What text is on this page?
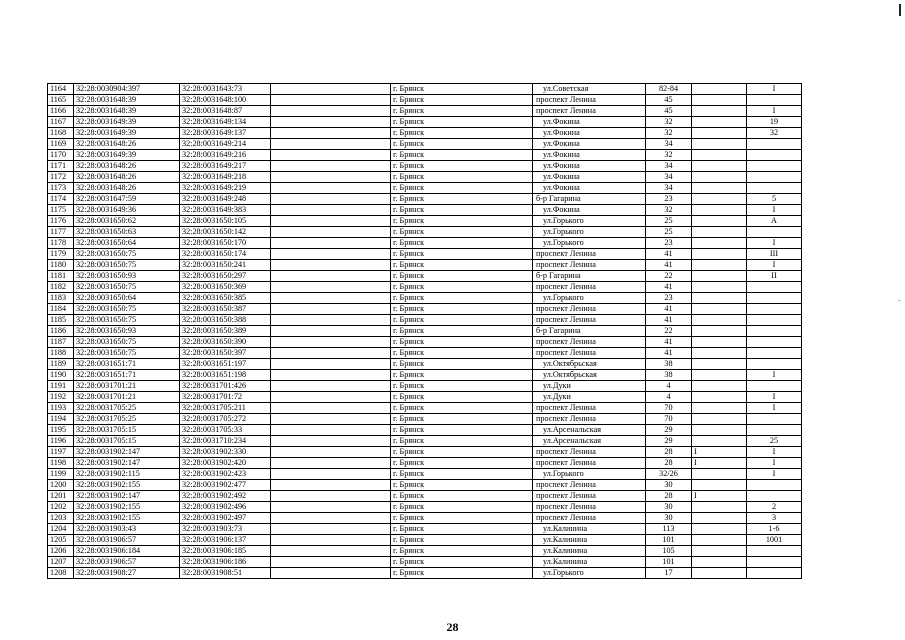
1164	32:28:0030904:397	32:28:0031643:73		г. Брянск	ул.Советская	82-84		I
1165	32:28:0031648:39	32:28:0031648:100		г. Брянск	проспект Ленина	45		
1166	32:28:0031648:39	32:28:0031648:87		г. Брянск	проспект Ленина	45		I
1167	32:28:0031649:39	32:28:0031649:134		г. Брянск	ул.Фокина	32		19
1168	32:28:0031649:39	32:28:0031649:137		г. Брянск	ул.Фокина	32		32
1169	32:28:0031648:26	32:28:0031649:214		г. Брянск	ул.Фокина	34		
1170	32:28:0031649:39	32:28:0031649:216		г. Брянск	ул.Фокина	32		
1171	32:28:0031648:26	32:28:0031649:217		г. Брянск	ул.Фокина	34		
1172	32:28:0031648:26	32:28:0031649:218		г. Брянск	ул.Фокина	34		
1173	32:28:0031648:26	32:28:0031649:219		г. Брянск	ул.Фокина	34		
1174	32:28:0031647:59	32:28:0031649:248		г. Брянск	б-р Гагарина	23		5
1175	32:28:0031649:36	32:28:0031649:383		г. Брянск	ул.Фокина	32		I
1176	32:28:0031650:62	32:28:0031650:105		г. Брянск	ул.Горького	25		A
1177	32:28:0031650:63	32:28:0031650:142		г. Брянск	ул.Горького	25		
1178	32:28:0031650:64	32:28:0031650:170		г. Брянск	ул.Горького	23		I
1179	32:28:0031650:75	32:28:0031650:174		г. Брянск	проспект Ленина	41		III
1180	32:28:0031650:75	32:28:0031650:241		г. Брянск	проспект Ленина	41		I
1181	32:28:0031650:93	32:28:0031650:297		г. Брянск	б-р Гагарина	22		II
1182	32:28:0031650:75	32:28:0031650:369		г. Брянск	проспект Ленина	41		
1183	32:28:0031650:64	32:28:0031650:385		г. Брянск	ул.Горького	23		
1184	32:28:0031650:75	32:28:0031650:387		г. Брянск	проспект Ленина	41		
1185	32:28:0031650:75	32:28:0031650:388		г. Брянск	проспект Ленина	41		
1186	32:28:0031650:93	32:28:0031650:389		г. Брянск	б-р Гагарина	22		
1187	32:28:0031650:75	32:28:0031650:390		г. Брянск	проспект Ленина	41		
1188	32:28:0031650:75	32:28:0031650:397		г. Брянск	проспект Ленина	41		
1189	32:28:0031651:71	32:28:0031651:197		г. Брянск	ул.Октябрьская	38		
1190	32:28:0031651:71	32:28:0031651:198		г. Брянск	ул.Октябрьская	38		I
1191	32:28:0031701:21	32:28:0031701:426		г. Брянск	ул.Дуки	4		
1192	32:28:0031701:21	32:28:0031701:72		г. Брянск	ул.Дуки	4		I
1193	32:28:0031705:25	32:28:0031705:211		г. Брянск	проспект Ленина	70		I
1194	32:28:0031705:25	32:28:0031705:272		г. Брянск	проспект Ленина	70		
1195	32:28:0031705:15	32:28:0031705:33		г. Брянск	ул.Арсенальская	29		
1196	32:28:0031705:15	32:28:0031710:234		г. Брянск	ул.Арсенальская	29		25
1197	32:28:0031902:147	32:28:0031902:330		г. Брянск	проспект Ленина	28	I	I
1198	32:28:0031902:147	32:28:0031902:420		г. Брянск	проспект Ленина	28	I	I
1199	32:28:0031902:115	32:28:0031902:423		г. Брянск	ул.Горького	32/26		I
1200	32:28:0031902:155	32:28:0031902:477		г. Брянск	проспект Ленина	30		
1201	32:28:0031902:147	32:28:0031902:492		г. Брянск	проспект Ленина	28	I	
1202	32:28:0031902:155	32:28:0031902:496		г. Брянск	проспект Ленина	30		2
1203	32:28:0031902:155	32:28:0031902:497		г. Брянск	проспект Ленина	30		3
1204	32:28:0031903:43	32:28:0031903:73		г. Брянск	ул.Калинина	113		1-6
1205	32:28:0031906:57	32:28:0031906:137		г. Брянск	ул.Калинина	101		1001
1206	32:28:0031906:184	32:28:0031906:185		г. Брянск	ул.Калинина	105		
1207	32:28:0031906:57	32:28:0031906:186		г. Брянск	ул.Калинина	101		
1208	32:28:0031908:27	32:28:0031908:51		г. Брянск	ул.Горького	17		
28
